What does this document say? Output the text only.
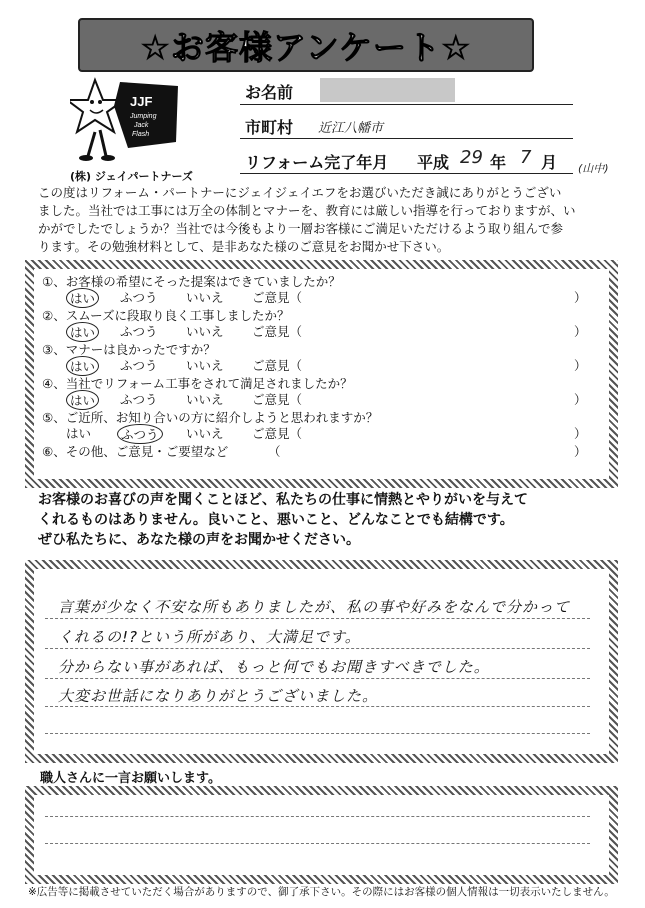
☆お客様アンケート☆
JJF
Jumping
Jack
Flash
(株) ジェイパートナーズ
お名前
市町村 近江八幡市
リフォーム完了年月 平成 29 年 7 月 (山中)
この度はリフォーム・パートナーにジェイジェイエフをお選びいただき誠にありがとうござい
ました。当社では工事には万全の体制とマナーを、教育には厳しい指導を行っておりますが、い
かがでしたでしょうか？当社では今後もより一層お客様にご満足いただけるよう取り組んで参
ります。その勉強材料として、是非あなた様のご意見をお聞かせ下さい。
①、お客様の希望にそった提案はできていましたか？
はい	ふつう いいえ ご意見（	）
②、スムーズに段取り良く工事しましたか？
はい	ふつう いいえ ご意見（	）
③、マナーは良かったですか？
はい	ふつう いいえ ご意見（	）
④、当社でリフォーム工事をされて満足されましたか？
はい	ふつう いいえ ご意見（	）
⑤、ご近所、お知り合いの方に紹介しようと思われますか？
はい	ふつう	いいえ ご意見（	）
⑥、その他、ご意見・ご要望など	（	）
お客様のお喜びの声を聞くことほど、私たちの仕事に情熱とやりがいを与えて
くれるものはありません。良いこと、悪いこと、どんなことでも結構です。
ぜひ私たちに、あなた様の声をお聞かせください。
言葉が少なく不安な所もありましたが、私の事や好みをなんで分かって
くれるの!?という所があり、大満足です。
分からない事があれば、もっと何でもお聞きすべきでした。
大変お世話になりありがとうございました。
職人さんに一言お願いします。
※広告等に掲載させていただく場合がありますので、御了承下さい。その際にはお客様の個人情報は一切表示いたしません。
